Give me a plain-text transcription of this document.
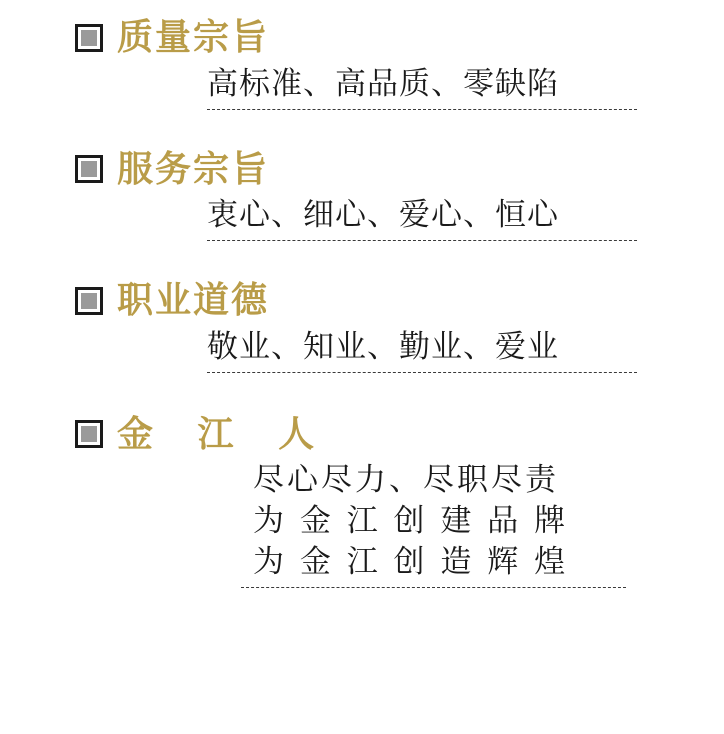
质量宗旨
高标准、高品质、零缺陷
服务宗旨
衷心、细心、爱心、恒心
职业道德
敬业、知业、勤业、爱业
金 江 人
尽心尽力、尽职尽责
为 金 江 创 建 品 牌
为 金 江 创 造 辉 煌
